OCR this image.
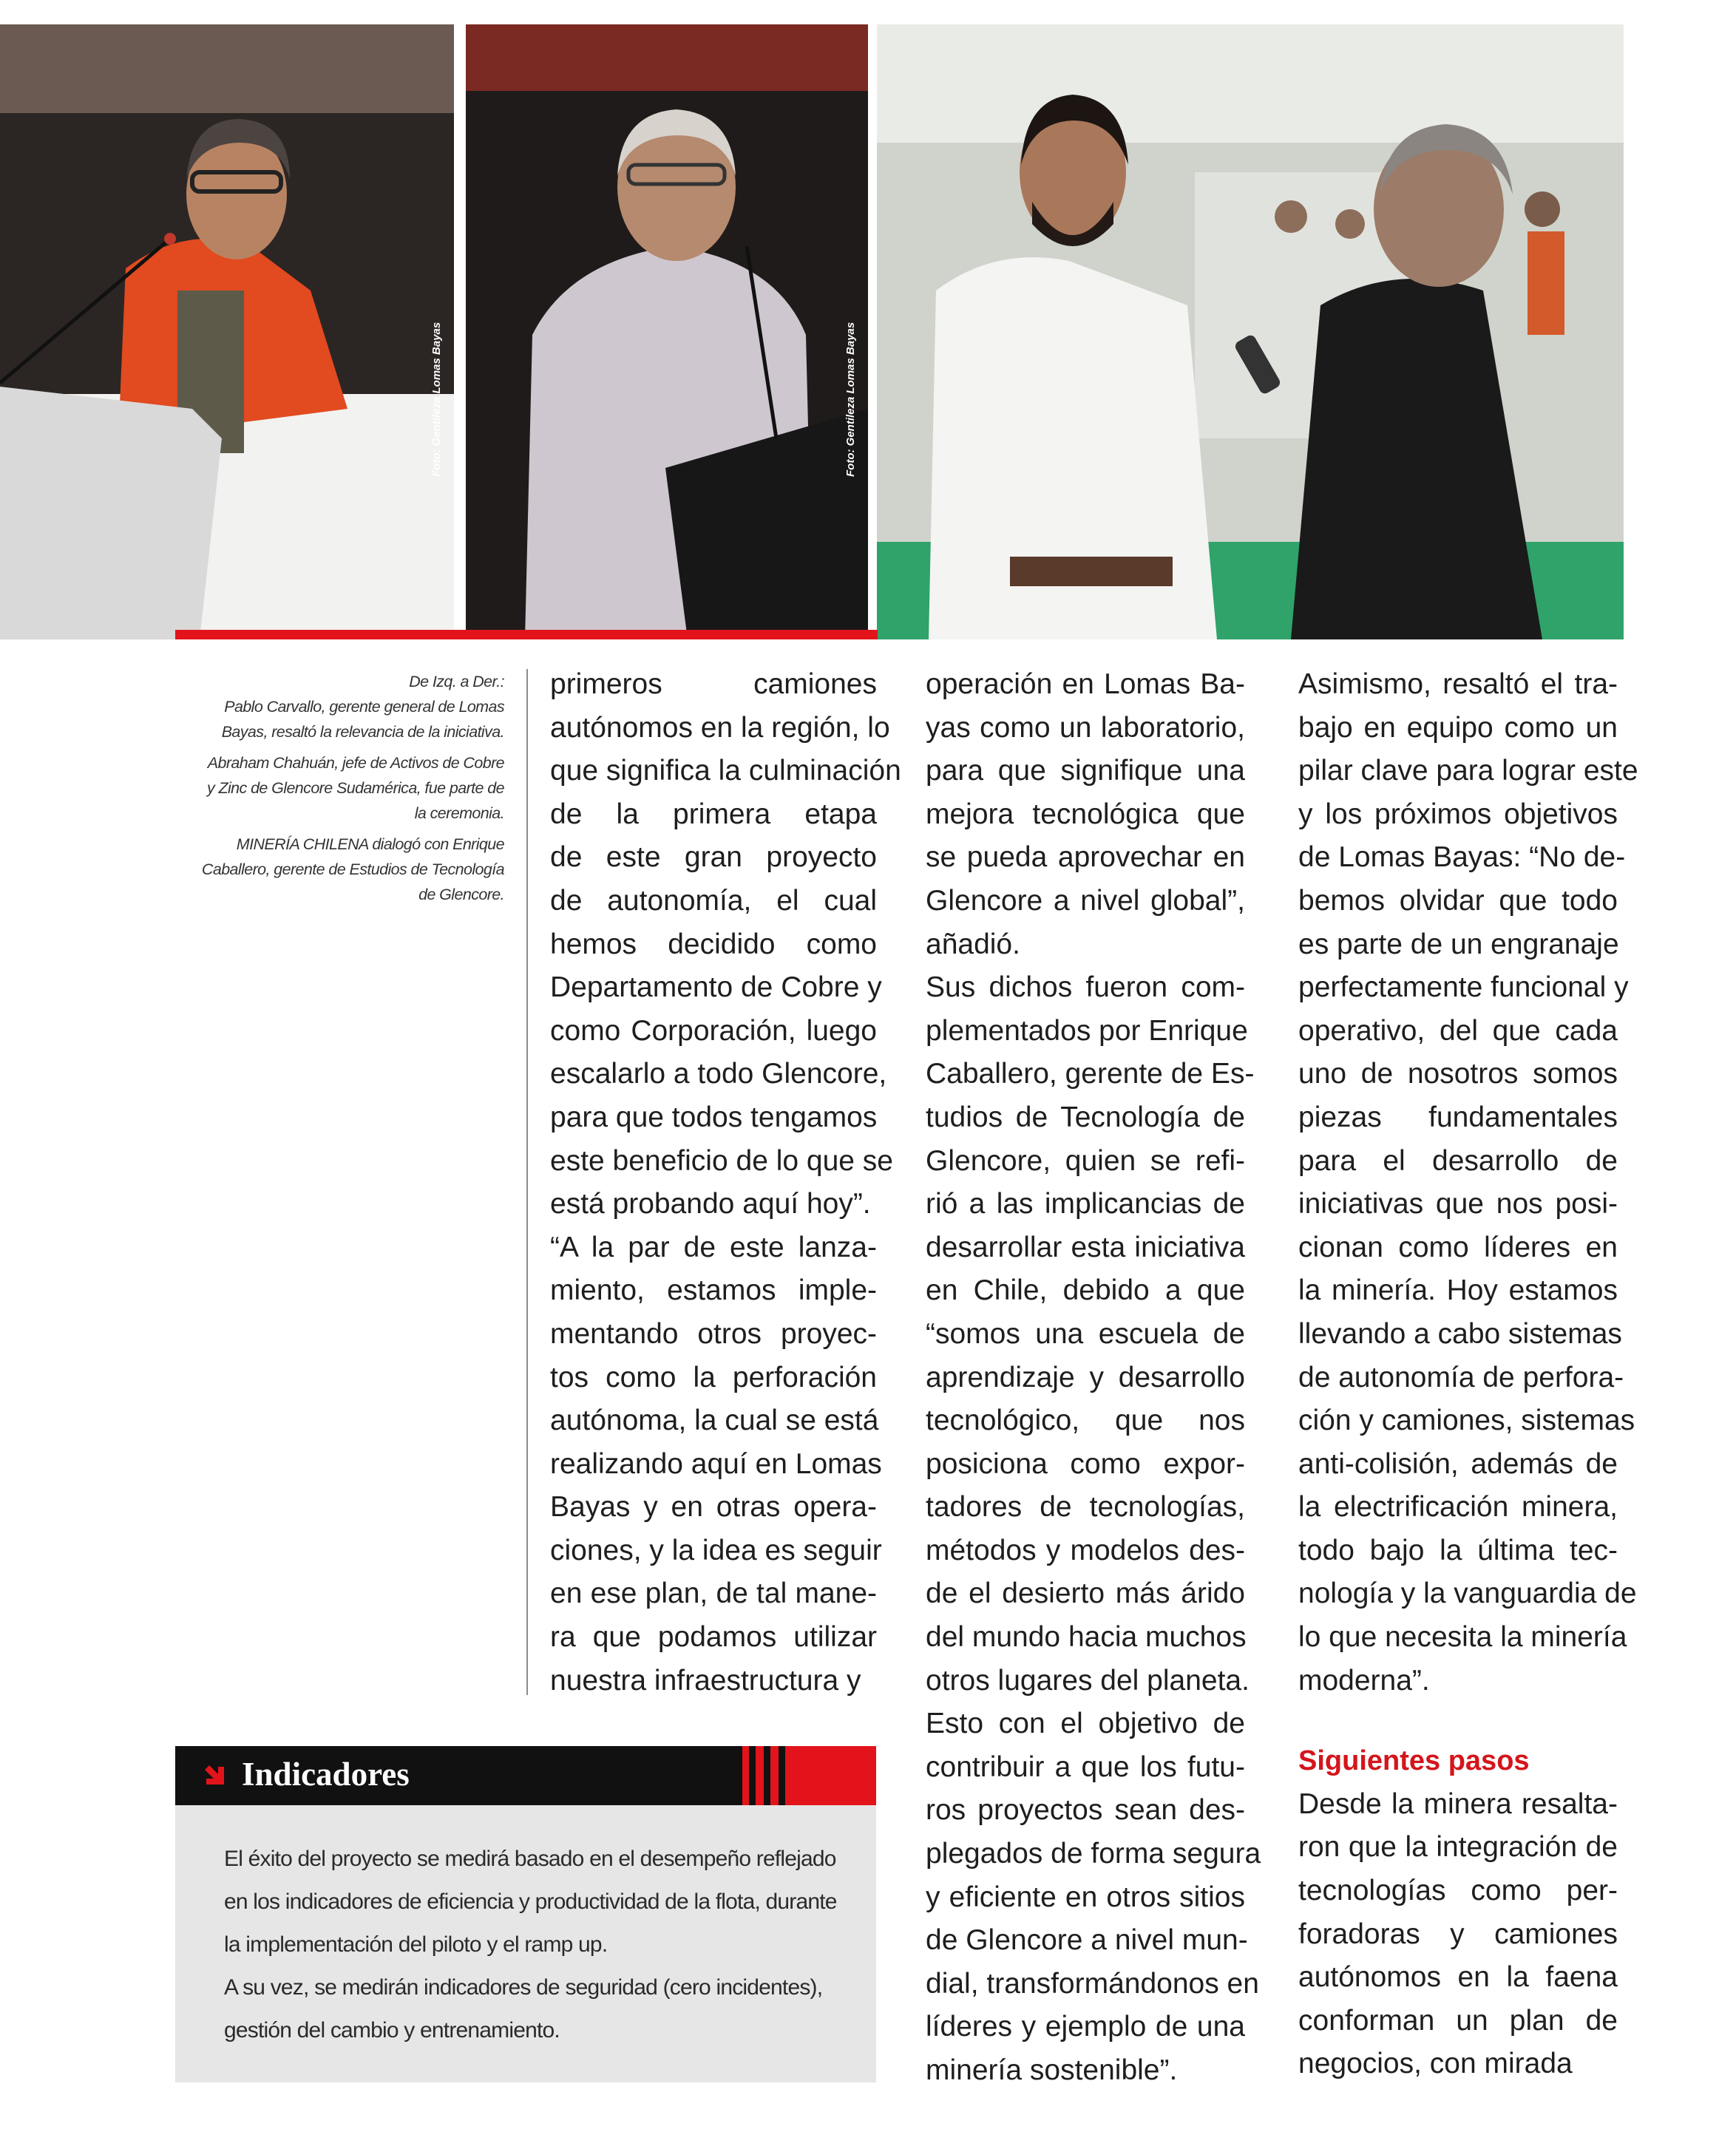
Foto: Gentileza Lomas Bayas	Foto: Gentileza Lomas Bayas

De Izq. a Der.:
Pablo Carvallo, gerente general de Lomas
Bayas, resaltó la relevancia de la iniciativa.

Abraham Chahuán, jefe de Activos de Cobre
y Zinc de Glencore Sudamérica, fue parte de
la ceremonia.

MINERÍA CHILENA dialogó con Enrique
Caballero, gerente de Estudios de Tecnología
de Glencore.

primeros camiones
autónomos en la región, lo
que significa la culminación
de la primera etapa
de este gran proyecto
de autonomía, el cual
hemos decidido como
Departamento de Cobre y
como Corporación, luego
escalarlo a todo Glencore,
para que todos tengamos
este beneficio de lo que se
está probando aquí hoy”.
“A la par de este lanza-
miento, estamos imple-
mentando otros proyec-
tos como la perforación
autónoma, la cual se está
realizando aquí en Lomas
Bayas y en otras opera-
ciones, y la idea es seguir
en ese plan, de tal mane-
ra que podamos utilizar
nuestra infraestructura y
operación en Lomas Ba-
yas como un laboratorio,
para que signifique una
mejora tecnológica que
se pueda aprovechar en
Glencore a nivel global”,
añadió.
Sus dichos fueron com-
plementados por Enrique
Caballero, gerente de Es-
tudios de Tecnología de
Glencore, quien se refi-
rió a las implicancias de
desarrollar esta iniciativa
en Chile, debido a que
“somos una escuela de
aprendizaje y desarrollo
tecnológico, que nos
posiciona como expor-
tadores de tecnologías,
métodos y modelos des-
de el desierto más árido
del mundo hacia muchos
otros lugares del planeta.
Esto con el objetivo de
contribuir a que los futu-
ros proyectos sean des-
plegados de forma segura
y eficiente en otros sitios
de Glencore a nivel mun-
dial, transformándonos en
líderes y ejemplo de una
minería sostenible”.
Asimismo, resaltó el tra-
bajo en equipo como un
pilar clave para lograr este
y los próximos objetivos
de Lomas Bayas: “No de-
bemos olvidar que todo
es parte de un engranaje
perfectamente funcional y
operativo, del que cada
uno de nosotros somos
piezas fundamentales
para el desarrollo de
iniciativas que nos posi-
cionan como líderes en
la minería. Hoy estamos
llevando a cabo sistemas
de autonomía de perfora-
ción y camiones, sistemas
anti-colisión, además de
la electrificación minera,
todo bajo la última tec-
nología y la vanguardia de
lo que necesita la minería
moderna”.
Siguientes pasos
Desde la minera resalta-
ron que la integración de
tecnologías como per-
foradoras y camiones
autónomos en la faena
conforman un plan de
negocios, con mirada
Indicadores
El éxito del proyecto se medirá basado en el desempeño reflejado
en los indicadores de eficiencia y productividad de la flota, durante
la implementación del piloto y el ramp up.
A su vez, se medirán indicadores de seguridad (cero incidentes),
gestión del cambio y entrenamiento.
